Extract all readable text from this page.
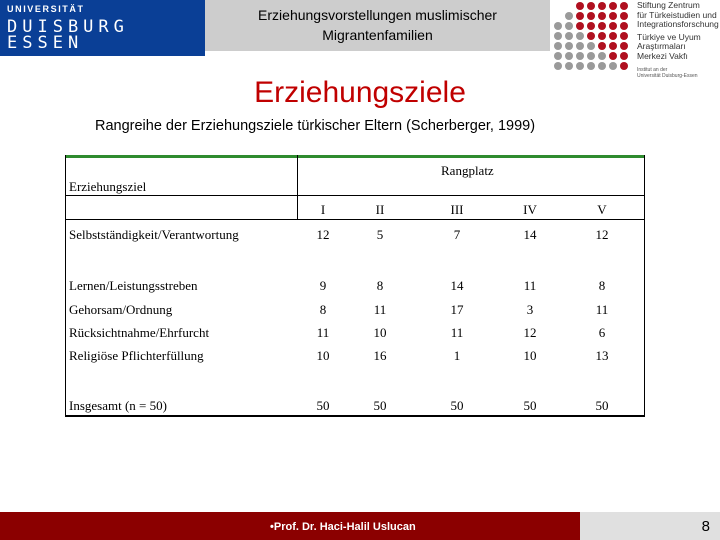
UNIVERSITÄT
DUISBURG
ESSEN
Erziehungsvorstellungen muslimischer
Migrantenfamilien
Stiftung Zentrum
für Türkeistudien und
Integrationsforschung
Türkiye ve Uyum
Araştırmaları
Merkezi Vakfı
Institut an der
Universität Duisburg-Essen
Erziehungsziele
Rangreihe der Erziehungsziele türkischer Eltern (Scherberger, 1999)
Erziehungsziel
Rangplatz
I	II	III	IV	V
Selbstständigkeit/Verantwortung	12	5	7	14	12
Lernen/Leistungsstreben	9	8	14	11	8
Gehorsam/Ordnung	8	11	17	3	11
Rücksichtnahme/Ehrfurcht	11	10	11	12	6
Religiöse Pflichterfüllung	10	16	1	10	13
Insgesamt (n = 50)	50	50	50	50	50
•Prof. Dr. Haci-Halil Uslucan	8
